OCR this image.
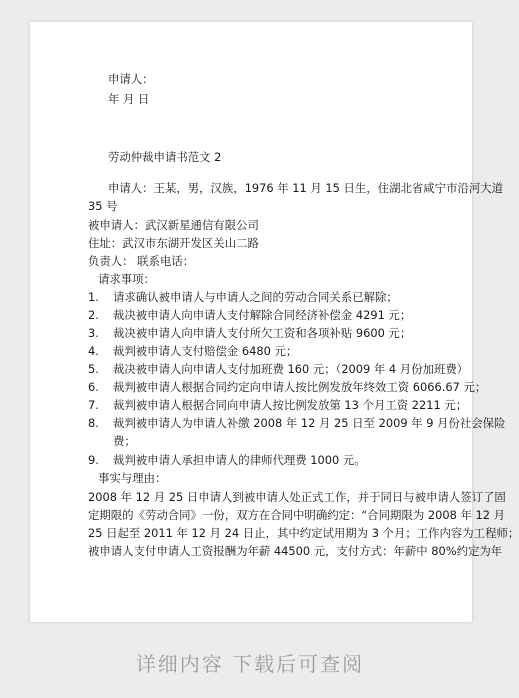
申请人：
年 月 日
劳动仲裁申请书范文 2
申请人：王某，男，汉族，1976 年 11 月 15 日生，住湖北省咸宁市沿河大道
35 号
被申请人：武汉新星通信有限公司
住址：武汉市东湖开发区关山二路
负责人： 联系电话：
请求事项：
1. 请求确认被申请人与申请人之间的劳动合同关系已解除；
2. 裁决被申请人向申请人支付解除合同经济补偿金 4291 元；
3. 裁决被申请人向申请人支付所欠工资和各项补贴 9600 元；
4. 裁判被申请人支付赔偿金 6480 元；
5. 裁决被申请人向申请人支付加班费 160 元；（2009 年 4 月份加班费）
6. 裁判被申请人根据合同约定向申请人按比例发放年终效工资 6066.67 元；
7. 裁判被申请人根据合同向申请人按比例发放第 13 个月工资 2211 元；
8. 裁判被申请人为申请人补缴 2008 年 12 月 25 日至 2009 年 9 月份社会保险
费；
9. 裁判被申请人承担申请人的律师代理费 1000 元。
事实与理由：
2008 年 12 月 25 日申请人到被申请人处正式工作，并于同日与被申请人签订了固
定期限的《劳动合同》一份，双方在合同中明确约定：“合同期限为 2008 年 12 月
25 日起至 2011 年 12 月 24 日止，其中约定试用期为 3 个月；工作内容为工程师；
被申请人支付申请人工资报酬为年薪 44500 元，支付方式：年薪中 80%约定为年
详细内容 下载后可查阅
